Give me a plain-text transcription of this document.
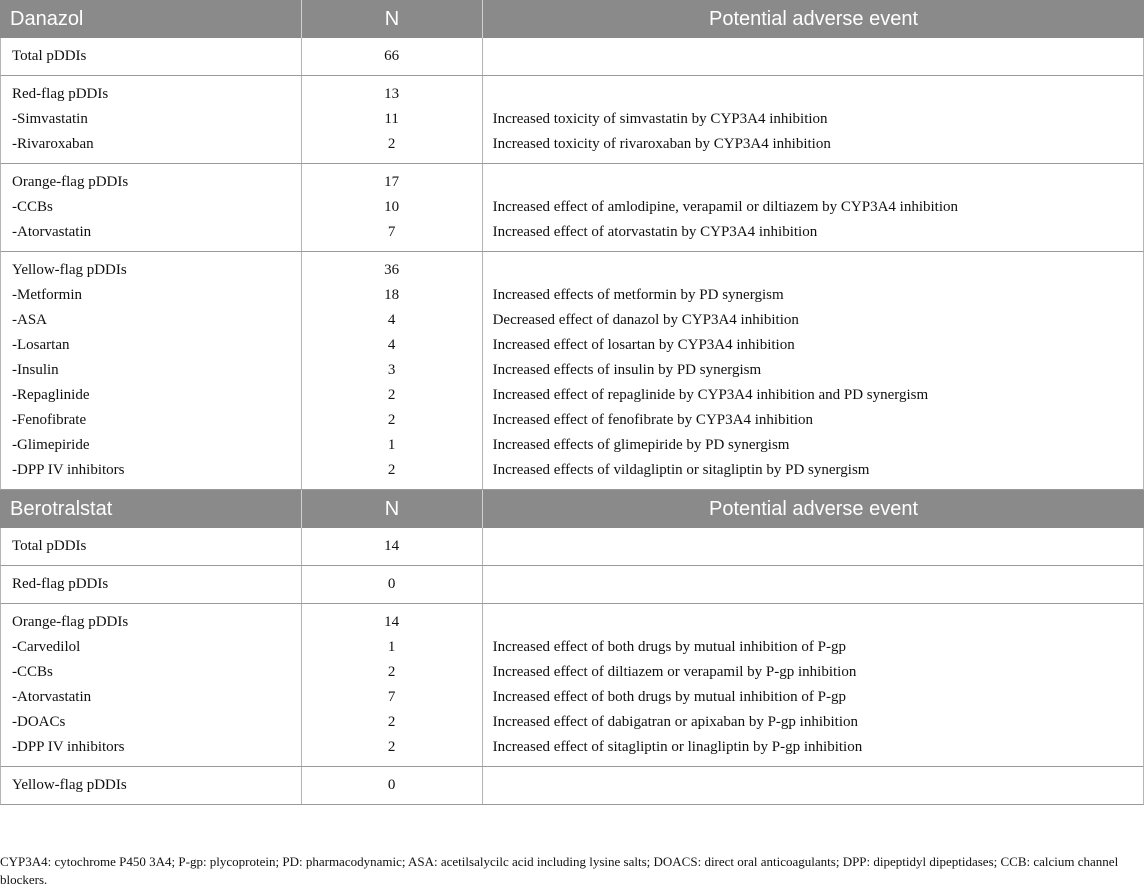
Danazol	N	Potential adverse event
Total pDDIs	66
Red-flag pDDIs	13
-Simvastatin	11	Increased toxicity of simvastatin by CYP3A4 inhibition
-Rivaroxaban	2	Increased toxicity of rivaroxaban by CYP3A4 inhibition
Orange-flag pDDIs	17
-CCBs	10	Increased effect of amlodipine, verapamil or diltiazem by CYP3A4 inhibition
-Atorvastatin	7	Increased effect of atorvastatin by CYP3A4 inhibition
Yellow-flag pDDIs	36
-Metformin	18	Increased effects of metformin by PD synergism
-ASA	4	Decreased effect of danazol by CYP3A4 inhibition
-Losartan	4	Increased effect of losartan by CYP3A4 inhibition
-Insulin	3	Increased effects of insulin by PD synergism
-Repaglinide	2	Increased effect of repaglinide by CYP3A4 inhibition and PD synergism
-Fenofibrate	2	Increased effect of fenofibrate by CYP3A4 inhibition
-Glimepiride	1	Increased effects of glimepiride by PD synergism
-DPP IV inhibitors	2	Increased effects of vildagliptin or sitagliptin by PD synergism
Berotralstat	N	Potential adverse event
Total pDDIs	14
Red-flag pDDIs	0
Orange-flag pDDIs	14
-Carvedilol	1	Increased effect of both drugs by mutual inhibition of P-gp
-CCBs	2	Increased effect of diltiazem or verapamil by P-gp inhibition
-Atorvastatin	7	Increased effect of both drugs by mutual inhibition of P-gp
-DOACs	2	Increased effect of dabigatran or apixaban by P-gp inhibition
-DPP IV inhibitors	2	Increased effect of sitagliptin or linagliptin by P-gp inhibition
Yellow-flag pDDIs	0
CYP3A4: cytochrome P450 3A4; P-gp: plycoprotein; PD: pharmacodynamic; ASA: acetilsalycilc acid including lysine salts; DOACS: direct oral anticoagulants; DPP: dipeptidyl dipeptidases; CCB: calcium channel blockers.
